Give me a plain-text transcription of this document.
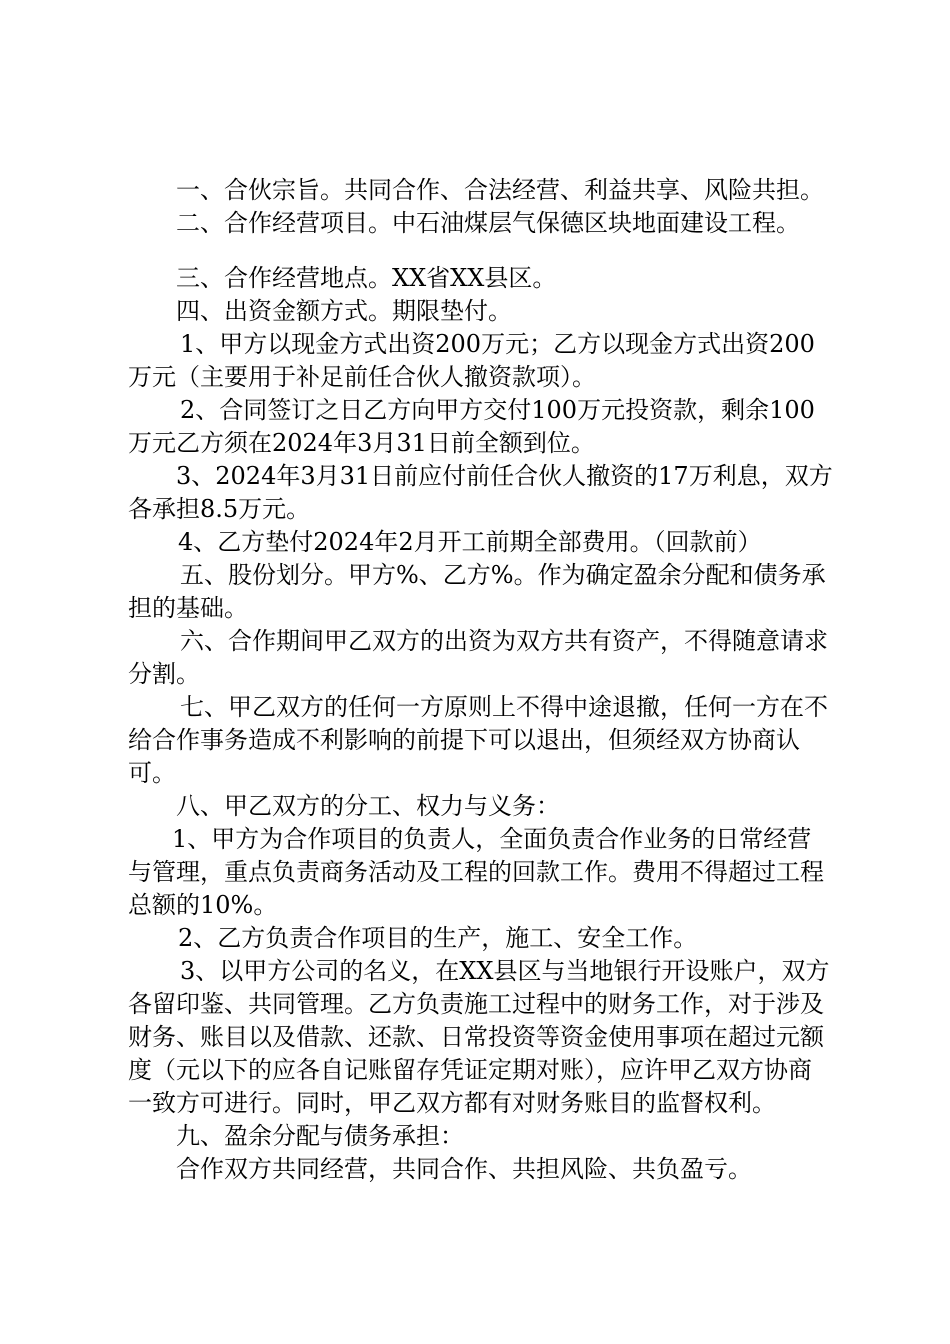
一、合伙宗旨。共同合作、合法经营、利益共享、风险共担。

二、合作经营项目。中石油煤层气保德区块地面建设工程。

三、合作经营地点。XX省XX县区。

四、出资金额方式。期限垫付。

1、甲方以现金方式出资200万元；乙方以现金方式出资200万元（主要用于补足前任合伙人撤资款项）。

2、合同签订之日乙方向甲方交付100万元投资款，剩余100万元乙方须在2024年3月31日前全额到位。

3、2024年3月31日前应付前任合伙人撤资的17万利息，双方各承担8.5万元。

4、乙方垫付2024年2月开工前期全部费用。（回款前）

五、股份划分。甲方%、乙方%。作为确定盈余分配和债务承担的基础。

六、合作期间甲乙双方的出资为双方共有资产，不得随意请求分割。

七、甲乙双方的任何一方原则上不得中途退撤，任何一方在不给合作事务造成不利影响的前提下可以退出，但须经双方协商认可。

八、甲乙双方的分工、权力与义务：

1、甲方为合作项目的负责人，全面负责合作业务的日常经营与管理，重点负责商务活动及工程的回款工作。费用不得超过工程总额的10%。

2、乙方负责合作项目的生产，施工、安全工作。

3、以甲方公司的名义，在XX县区与当地银行开设账户，双方各留印鉴、共同管理。乙方负责施工过程中的财务工作，对于涉及财务、账目以及借款、还款、日常投资等资金使用事项在超过元额度（元以下的应各自记账留存凭证定期对账），应许甲乙双方协商一致方可进行。同时，甲乙双方都有对财务账目的监督权利。

九、盈余分配与债务承担：

合作双方共同经营，共同合作、共担风险、共负盈亏。
